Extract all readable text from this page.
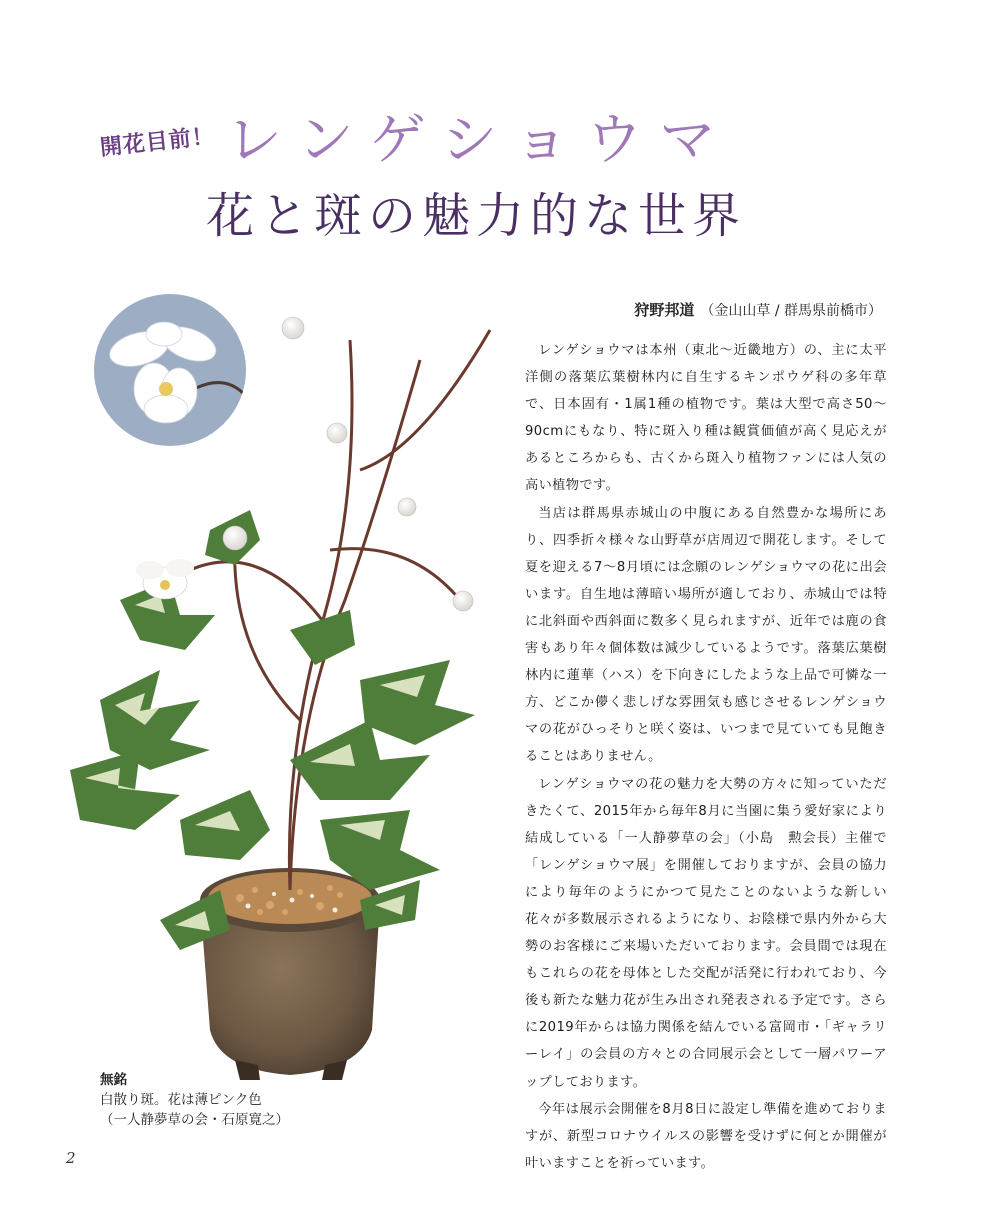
開花目前！ レンゲショウマ
花と斑の魅力的な世界
狩野邦道 （金山山草 / 群馬県前橋市）

レンゲショウマは本州（東北〜近畿地方）の、主に太平洋側の落葉広葉樹林内に自生するキンポウゲ科の多年草で、日本固有・1属1種の植物です。葉は大型で高さ50〜90cmにもなり、特に斑入り種は観賞価値が高く見応えがあるところからも、古くから斑入り植物ファンには人気の高い植物です。

当店は群馬県赤城山の中腹にある自然豊かな場所にあり、四季折々様々な山野草が店周辺で開花します。そして夏を迎える7〜8月頃には念願のレンゲショウマの花に出会います。自生地は薄暗い場所が適しており、赤城山では特に北斜面や西斜面に数多く見られますが、近年では鹿の食害もあり年々個体数は減少しているようです。落葉広葉樹林内に蓮華（ハス）を下向きにしたような上品で可憐な一方、どこか儚く悲しげな雰囲気も感じさせるレンゲショウマの花がひっそりと咲く姿は、いつまで見ていても見飽きることはありません。

レンゲショウマの花の魅力を大勢の方々に知っていただきたくて、2015年から毎年8月に当園に集う愛好家により結成している「一人静夢草の会」（小島　勲会長）主催で「レンゲショウマ展」を開催しておりますが、会員の協力により毎年のようにかつて見たことのないような新しい花々が多数展示されるようになり、お陰様で県内外から大勢のお客様にご来場いただいております。会員間では現在もこれらの花を母体とした交配が活発に行われており、今後も新たな魅力花が生み出され発表される予定です。さらに2019年からは協力関係を結んでいる富岡市・「ギャラリーレイ」の会員の方々との合同展示会として一層パワーアップしております。

今年は展示会開催を8月8日に設定し準備を進めておりますが、新型コロナウイルスの影響を受けずに何とか開催が叶いますことを祈っています。

無銘
白散り斑。花は薄ピンク色
（一人静夢草の会・石原寛之）
2
